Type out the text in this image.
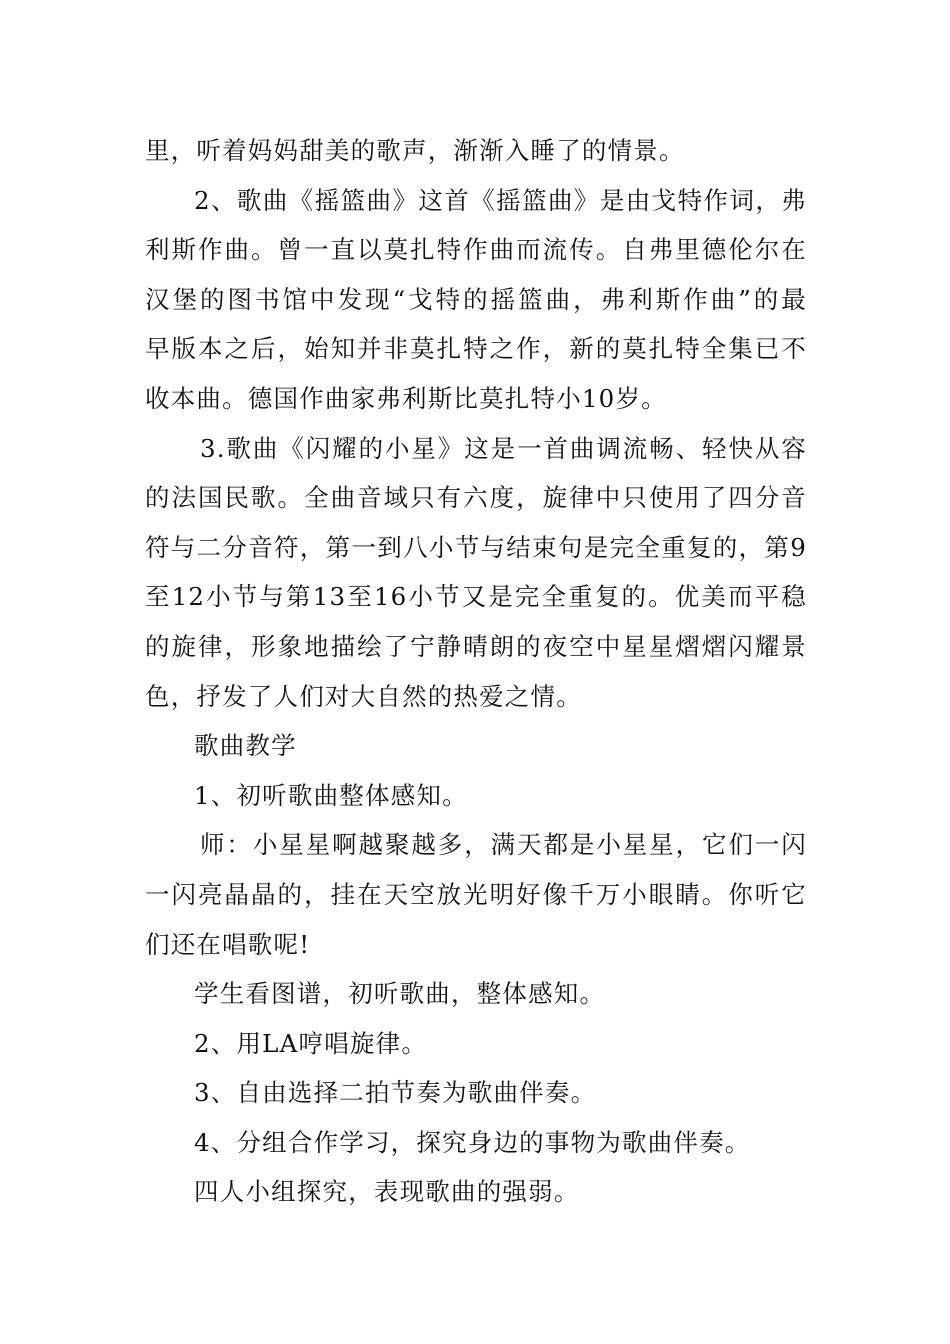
里，听着妈妈甜美的歌声，渐渐入睡了的情景。
2、歌曲《摇篮曲》这首《摇篮曲》是由戈特作词，弗
利斯作曲。曾一直以莫扎特作曲而流传。自弗里德伦尔在
汉堡的图书馆中发现“戈特的摇篮曲，弗利斯作曲”的最
早版本之后，始知并非莫扎特之作，新的莫扎特全集已不
收本曲。德国作曲家弗利斯比莫扎特小10岁。
3.歌曲《闪耀的小星》这是一首曲调流畅、轻快从容
的法国民歌。全曲音域只有六度，旋律中只使用了四分音
符与二分音符，第一到八小节与结束句是完全重复的，第9
至12小节与第13至16小节又是完全重复的。优美而平稳
的旋律，形象地描绘了宁静晴朗的夜空中星星熠熠闪耀景
色，抒发了人们对大自然的热爱之情。
歌曲教学
1、初听歌曲整体感知。
师：小星星啊越聚越多，满天都是小星星，它们一闪
一闪亮晶晶的，挂在天空放光明好像千万小眼睛。你听它
们还在唱歌呢!
学生看图谱，初听歌曲，整体感知。
2、用LA哼唱旋律。
3、自由选择二拍节奏为歌曲伴奏。
4、分组合作学习，探究身边的事物为歌曲伴奏。
四人小组探究，表现歌曲的强弱。
